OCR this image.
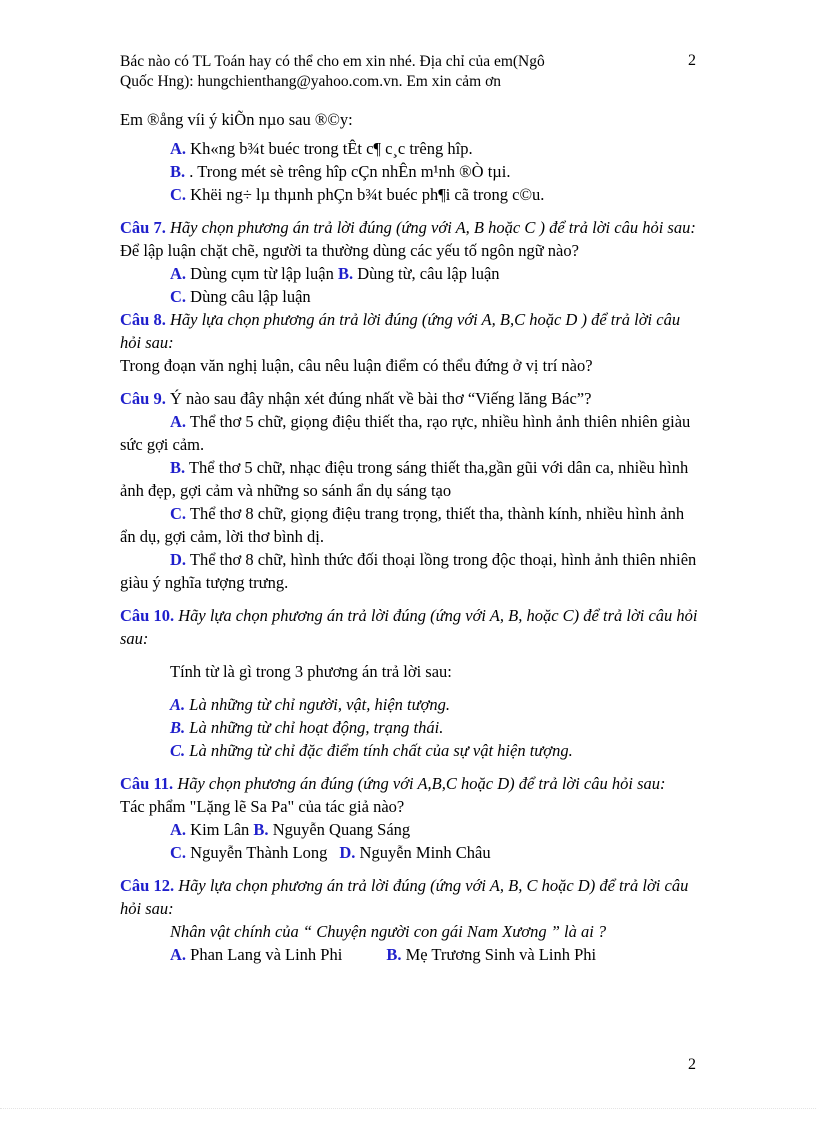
Bác nào có TL Toán hay có thể cho em xin nhé. Địa chỉ của em(Ngô
Quốc Hng): hungchienthang@yahoo.com.vn. Em xin cảm ơn
2

Em ®ång víi ý kiÕn nµo sau ®©y:

A. Kh«ng b¾t buéc trong tÊt c¶ c¸c trêng hîp.

B. . Trong mét sè trêng hîp cÇn nhÊn m¹nh ®Ò tµi.

C. Khëi ng÷ lµ thµnh phÇn b¾t buéc ph¶i cã trong c©u.

Câu 7. Hãy chọn phương án trả lời đúng (ứng với A, B hoặc C ) để trả lời câu hỏi sau:

Để lập luận chặt chẽ, người ta thường dùng các yếu tố ngôn ngữ nào?

A. Dùng cụm từ lập luận B. Dùng từ, câu lập luận

C. Dùng câu lập luận

Câu 8. Hãy lựa chọn phương án trả lời đúng (ứng với A, B,C hoặc D ) để trả lời câu hỏi sau:

Trong đoạn văn nghị luận, câu nêu luận điểm có thểu đứng ở vị trí nào?

Câu 9. Ý nào sau đây nhận xét đúng nhất về bài thơ “Viếng lăng Bác”?

A. Thể thơ 5 chữ, giọng điệu thiết tha, rạo rực, nhiều hình ảnh thiên nhiên giàu sức gợi cảm.

B. Thể thơ 5 chữ, nhạc điệu trong sáng thiết tha,gần gũi với dân ca, nhiều hình ảnh đẹp, gợi cảm và những so sánh ẩn dụ sáng tạo

C. Thể thơ 8 chữ, giọng điệu trang trọng, thiết tha, thành kính, nhiều hình ảnh ẩn dụ, gợi cảm, lời thơ bình dị.

D. Thể thơ 8 chữ, hình thức đối thoại lồng trong độc thoại, hình ảnh thiên nhiên giàu ý nghĩa tượng trưng.

Câu 10. Hãy lựa chọn phương án trả lời đúng (ứng với A, B, hoặc C) để trả lời câu hỏi sau:

Tính từ là gì trong 3 phương án trả lời sau:

A. Là những từ chỉ người, vật, hiện tượng.

B. Là những từ chỉ hoạt động, trạng thái.

C. Là những từ chỉ đặc điểm tính chất của sự vật hiện tượng.

Câu 11. Hãy chọn phương án đúng (ứng với A,B,C hoặc D) để trả lời câu hỏi sau:

Tác phẩm "Lặng lẽ Sa Pa" của tác giả nào?

A. Kim Lân B. Nguyễn Quang Sáng

C. Nguyễn Thành Long D. Nguyễn Minh Châu

Câu 12. Hãy lựa chọn phương án trả lời đúng (ứng với A, B, C hoặc D) để trả lời câu hỏi sau:

Nhân vật chính của “ Chuyện người con gái Nam Xương ” là ai ?

A. Phan Lang và Linh Phi	B. Mẹ Trương Sinh và Linh Phi

2
